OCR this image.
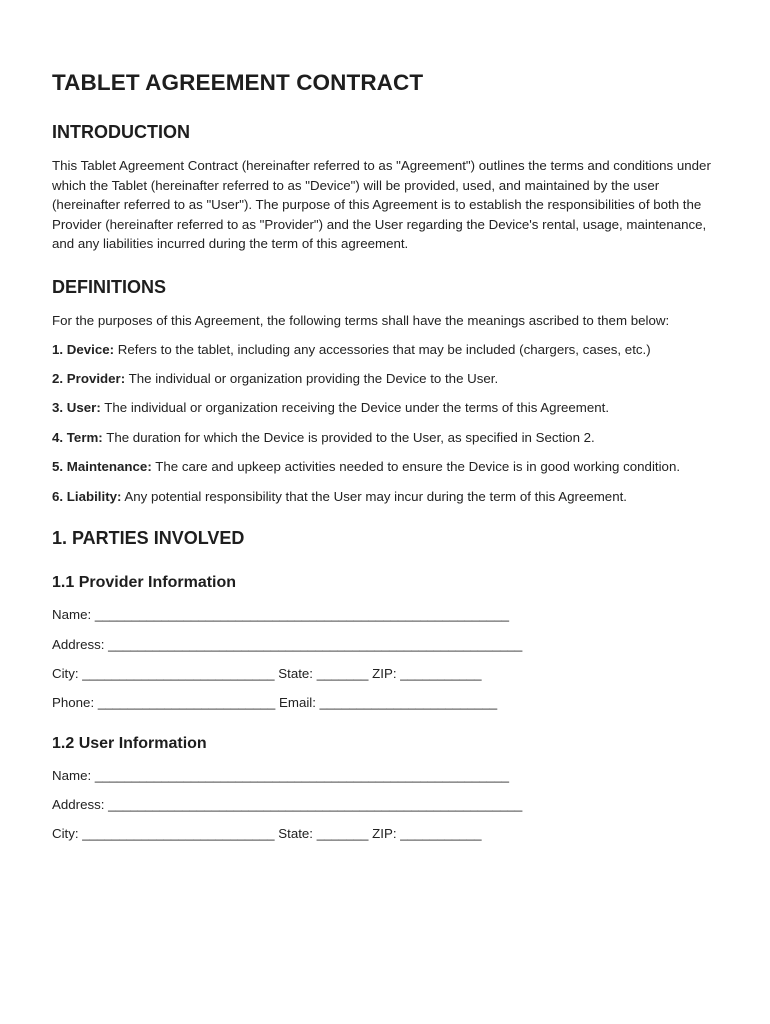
TABLET AGREEMENT CONTRACT
INTRODUCTION

This Tablet Agreement Contract (hereinafter referred to as "Agreement") outlines the terms and conditions under which the Tablet (hereinafter referred to as "Device") will be provided, used, and maintained by the user (hereinafter referred to as "User"). The purpose of this Agreement is to establish the responsibilities of both the Provider (hereinafter referred to as "Provider") and the User regarding the Device's rental, usage, maintenance, and any liabilities incurred during the term of this agreement.

DEFINITIONS

For the purposes of this Agreement, the following terms shall have the meanings ascribed to them below:

1. Device: Refers to the tablet, including any accessories that may be included (chargers, cases, etc.)

2. Provider: The individual or organization providing the Device to the User.

3. User: The individual or organization receiving the Device under the terms of this Agreement.

4. Term: The duration for which the Device is provided to the User, as specified in Section 2.

5. Maintenance: The care and upkeep activities needed to ensure the Device is in good working condition.

6. Liability: Any potential responsibility that the User may incur during the term of this Agreement.

1. PARTIES INVOLVED
1.1 Provider Information
Name: ________________________________________________________
Address: ________________________________________________________
City: __________________________ State: _______ ZIP: ___________
Phone: ________________________ Email: ________________________
1.2 User Information
Name: ________________________________________________________
Address: ________________________________________________________
City: __________________________ State: _______ ZIP: ___________
